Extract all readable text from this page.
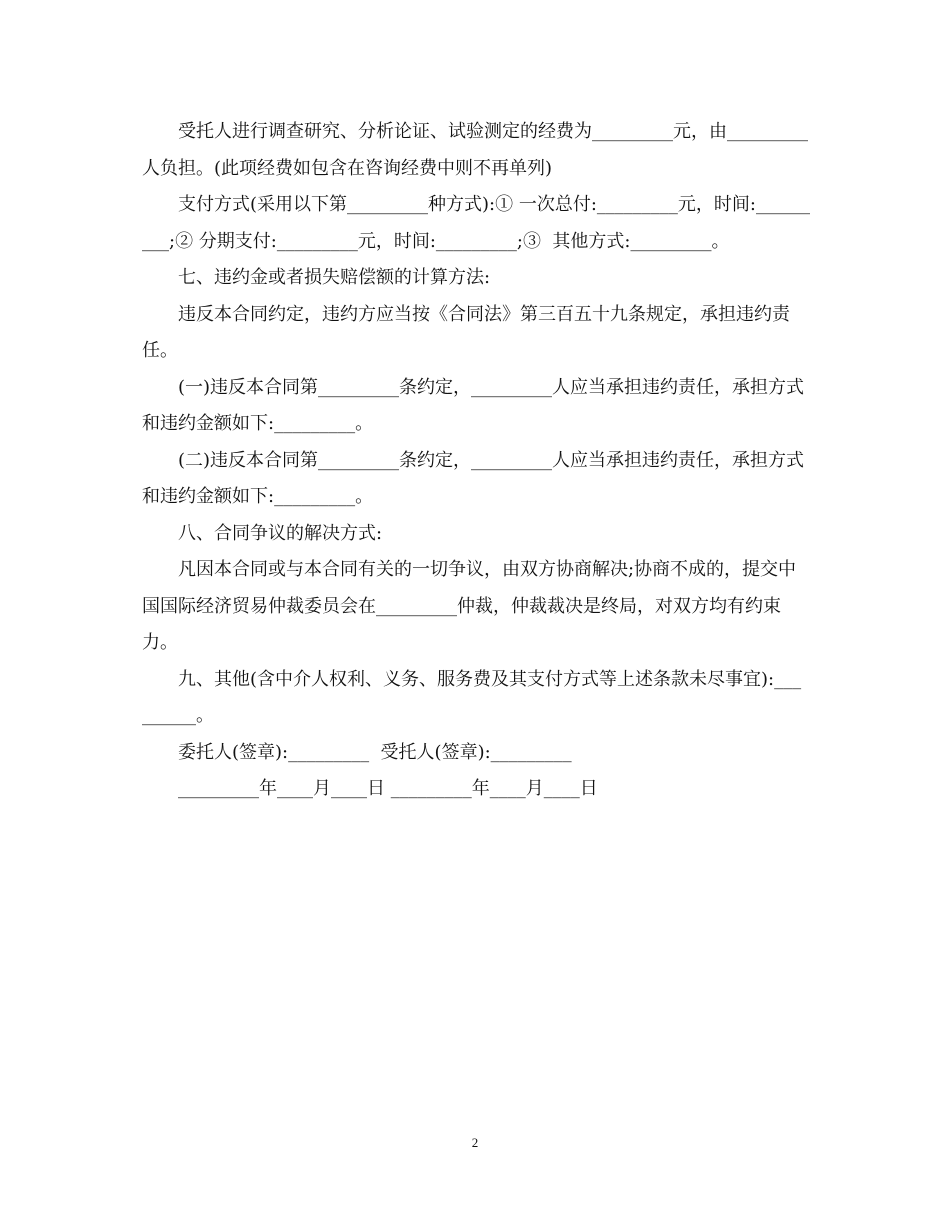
受托人进行调查研究、分析论证、试验测定的经费为_________元，由_________人负担。(此项经费如包含在咨询经费中则不再单列)

支付方式(采用以下第_________种方式):① 一次总付:_________元，时间:_________;② 分期支付:_________元，时间:_________;③  其他方式:_________。

七、违约金或者损失赔偿额的计算方法:

违反本合同约定，违约方应当按《合同法》第三百五十九条规定，承担违约责任。

(一)违反本合同第_________条约定，_________人应当承担违约责任，承担方式和违约金额如下:_________。

(二)违反本合同第_________条约定，_________人应当承担违约责任，承担方式和违约金额如下:_________。

八、合同争议的解决方式:

凡因本合同或与本合同有关的一切争议，由双方协商解决;协商不成的，提交中国国际经济贸易仲裁委员会在_________仲裁，仲裁裁决是终局，对双方均有约束力。

九、其他(含中介人权利、义务、服务费及其支付方式等上述条款未尽事宜):_________。

委托人(签章):_________  受托人(签章):_________

_________年____月____日 _________年____月____日

2
